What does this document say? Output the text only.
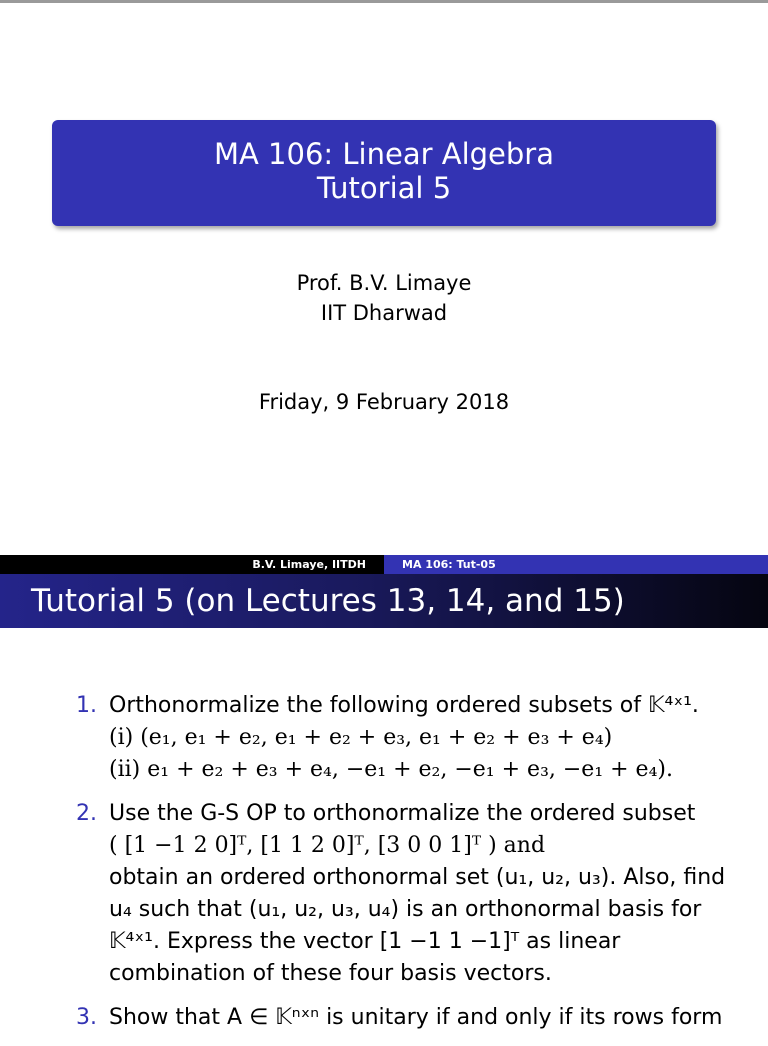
MA 106: Linear Algebra
Tutorial 5
Prof. B.V. Limaye
IIT Dharwad
Friday, 9 February 2018
B.V. Limaye, IITDH	MA 106: Tut-05
Tutorial 5 (on Lectures 13, 14, and 15)
1. Orthonormalize the following ordered subsets of 𝕂⁴ˣ¹.
(i) (e₁, e₁ + e₂, e₁ + e₂ + e₃, e₁ + e₂ + e₃ + e₄)
(ii) e₁ + e₂ + e₃ + e₄, −e₁ + e₂, −e₁ + e₃, −e₁ + e₄).
2. Use the G-S OP to orthonormalize the ordered subset
( [1 −1 2 0]ᵀ, [1 1 2 0]ᵀ, [3 0 0 1]ᵀ ) and
obtain an ordered orthonormal set (u₁, u₂, u₃). Also, find
u₄ such that (u₁, u₂, u₃, u₄) is an orthonormal basis for
𝕂⁴ˣ¹. Express the vector [1 −1 1 −1]ᵀ as linear
combination of these four basis vectors.
3. Show that A ∈ 𝕂ⁿˣⁿ is unitary if and only if its rows form
